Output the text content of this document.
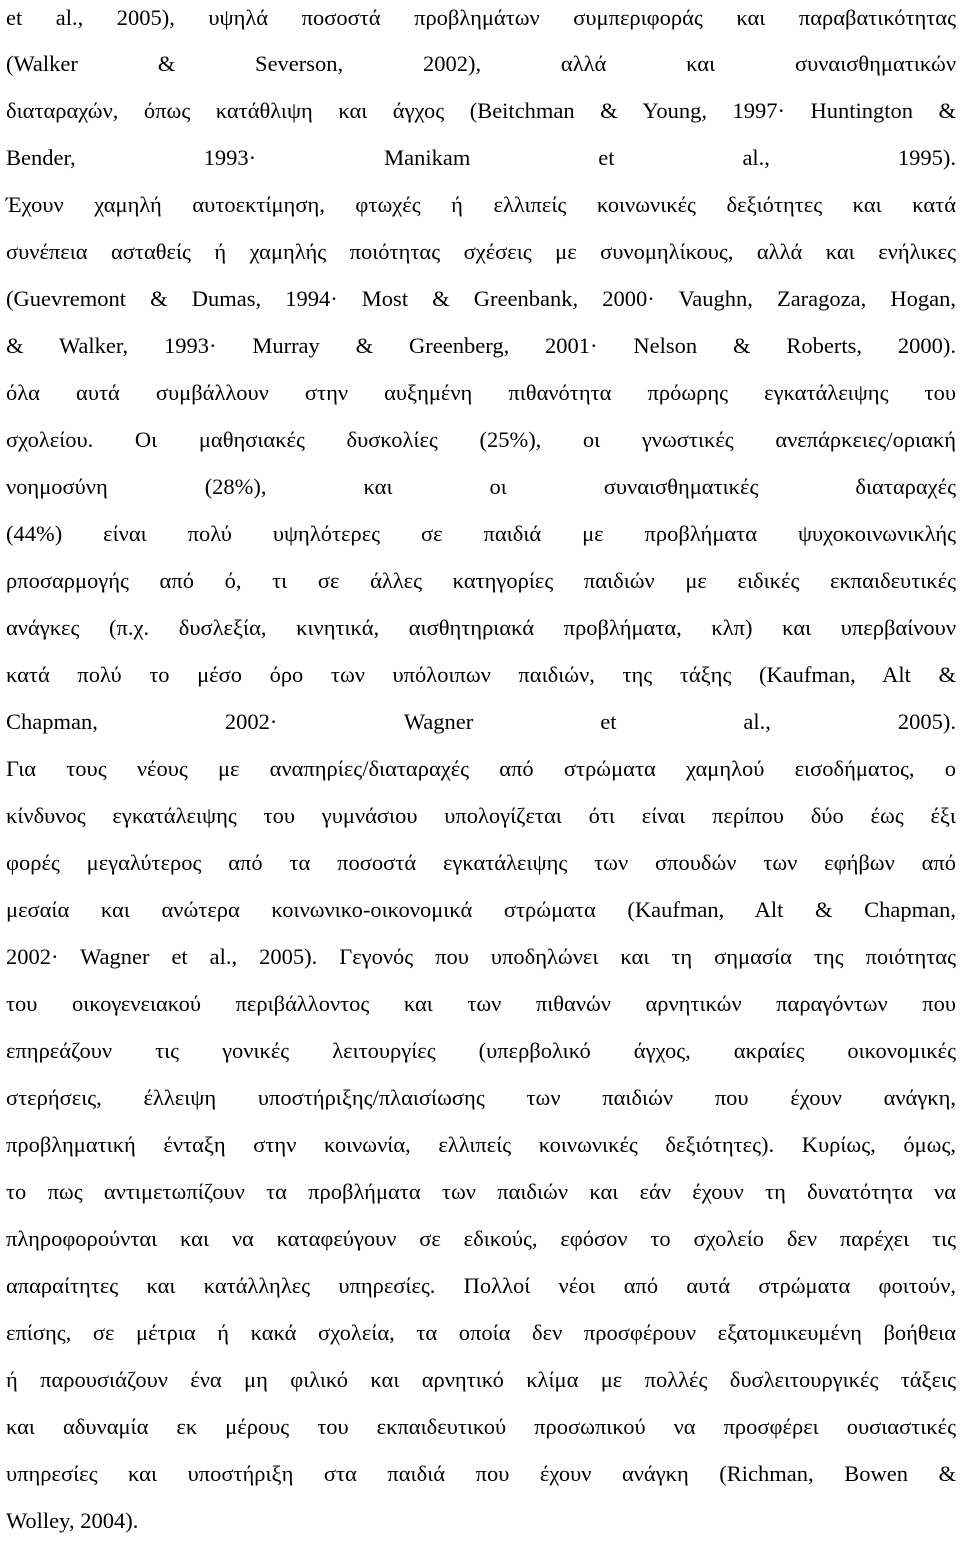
et al., 2005), υψηλά ποσοστά προβλημάτων συμπεριφοράς και παραβατικότητας
(Walker & Severson, 2002), αλλά και συναισθηματικών
διαταραχών, όπως κατάθλιψη και άγχος (Beitchman & Young, 1997· Huntington &
Bender, 1993· Manikam et al., 1995).
Έχουν χαμηλή αυτοεκτίμηση, φτωχές ή ελλιπείς κοινωνικές δεξιότητες και κατά
συνέπεια ασταθείς ή χαμηλής ποιότητας σχέσεις με συνομηλίκους, αλλά και ενήλικες
(Guevremont & Dumas, 1994· Most & Greenbank, 2000· Vaughn, Zaragoza, Hogan,
& Walker, 1993· Murray & Greenberg, 2001· Nelson & Roberts, 2000).
όλα αυτά συμβάλλουν στην αυξημένη πιθανότητα πρόωρης εγκατάλειψης του
σχολείου. Οι μαθησιακές δυσκολίες (25%), οι γνωστικές ανεπάρκειες/οριακή
νοημοσύνη (28%), και οι συναισθηματικές διαταραχές
(44%) είναι πολύ υψηλότερες σε παιδιά με προβλήματα ψυχοκοινωνικλής
ρποσαρμογής από ό, τι σε άλλες κατηγορίες παιδιών με ειδικές εκπαιδευτικές
ανάγκες (π.χ. δυσλεξία, κινητικά, αισθητηριακά προβλήματα, κλπ) και υπερβαίνουν
κατά πολύ το μέσο όρο των υπόλοιπων παιδιών, της τάξης (Kaufman, Alt &
Chapman, 2002· Wagner et al., 2005).
Για τους νέους με αναπηρίες/διαταραχές από στρώματα χαμηλού εισοδήματος, ο
κίνδυνος εγκατάλειψης του γυμνάσιου υπολογίζεται ότι είναι περίπου δύο έως έξι
φορές μεγαλύτερος από τα ποσοστά εγκατάλειψης των σπουδών των εφήβων από
μεσαία και ανώτερα κοινωνικο-οικονομικά στρώματα (Kaufman, Alt & Chapman,
2002· Wagner et al., 2005). Γεγονός που υποδηλώνει και τη σημασία της ποιότητας
του οικογενειακού περιβάλλοντος και των πιθανών αρνητικών παραγόντων που
επηρεάζουν τις γονικές λειτουργίες (υπερβολικό άγχος, ακραίες οικονομικές
στερήσεις, έλλειψη υποστήριξης/πλαισίωσης των παιδιών που έχουν ανάγκη,
προβληματική ένταξη στην κοινωνία, ελλιπείς κοινωνικές δεξιότητες). Κυρίως, όμως,
το πως αντιμετωπίζουν τα προβλήματα των παιδιών και εάν έχουν τη δυνατότητα να
πληροφορούνται και να καταφεύγουν σε εδικούς, εφόσον το σχολείο δεν παρέχει τις
απαραίτητες και κατάλληλες υπηρεσίες. Πολλοί νέοι από αυτά στρώματα φοιτούν,
επίσης, σε μέτρια ή κακά σχολεία, τα οποία δεν προσφέρουν εξατομικευμένη βοήθεια
ή παρουσιάζουν ένα μη φιλικό και αρνητικό κλίμα με πολλές δυσλειτουργικές τάξεις
και αδυναμία εκ μέρους του εκπαιδευτικού προσωπικού να προσφέρει ουσιαστικές
υπηρεσίες και υποστήριξη στα παιδιά που έχουν ανάγκη (Richman, Bowen &
Wolley, 2004).
